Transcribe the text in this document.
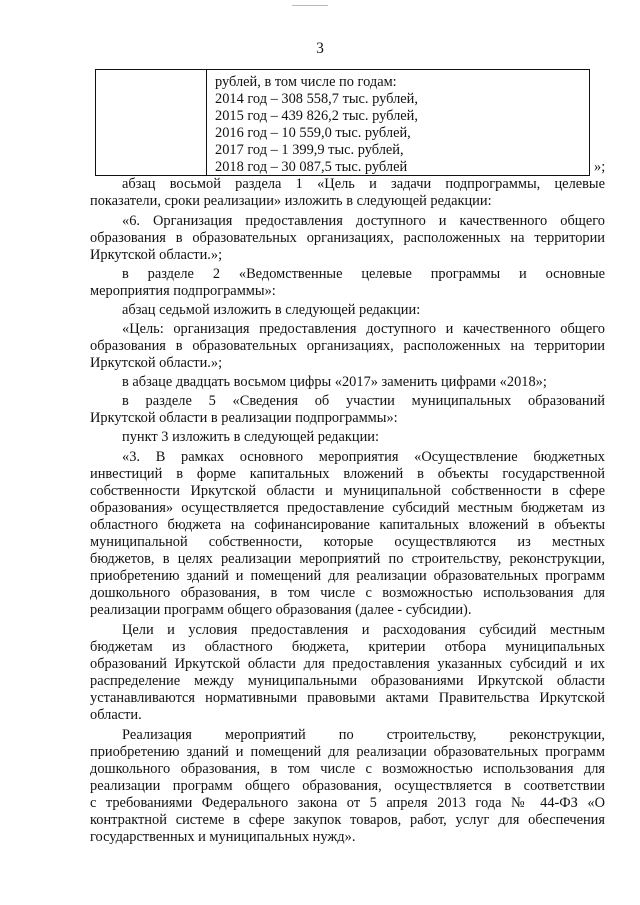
3
рублей, в том числе по годам:
2014 год – 308 558,7 тыс. рублей,
2015 год – 439 826,2 тыс. рублей,
2016 год – 10 559,0 тыс. рублей,
2017 год – 1 399,9 тыс. рублей,
2018 год – 30 087,5 тыс. рублей	»;
абзац восьмой раздела 1 «Цель и задачи подпрограммы, целевые
показатели, сроки реализации» изложить в следующей редакции:
«6. Организация предоставления доступного и качественного общего
образования в образовательных организациях, расположенных на территории
Иркутской области.»;
в разделе 2 «Ведомственные целевые программы и основные
мероприятия подпрограммы»:
абзац седьмой изложить в следующей редакции:
«Цель: организация предоставления доступного и качественного общего
образования в образовательных организациях, расположенных на территории
Иркутской области.»;
в абзаце двадцать восьмом цифры «2017» заменить цифрами «2018»;
в разделе 5 «Сведения об участии муниципальных образований
Иркутской области в реализации подпрограммы»:
пункт 3 изложить в следующей редакции:
«3. В рамках основного мероприятия «Осуществление бюджетных
инвестиций в форме капитальных вложений в объекты государственной
собственности Иркутской области и муниципальной собственности в сфере
образования» осуществляется предоставление субсидий местным бюджетам из
областного бюджета на софинансирование капитальных вложений в объекты
муниципальной собственности, которые осуществляются из местных
бюджетов, в целях реализации мероприятий по строительству, реконструкции,
приобретению зданий и помещений для реализации образовательных программ
дошкольного образования, в том числе с возможностью использования для
реализации программ общего образования (далее - субсидии).
Цели и условия предоставления и расходования субсидий местным
бюджетам из областного бюджета, критерии отбора муниципальных
образований Иркутской области для предоставления указанных субсидий и их
распределение между муниципальными образованиями Иркутской области
устанавливаются нормативными правовыми актами Правительства Иркутской
области.
Реализация мероприятий по строительству, реконструкции,
приобретению зданий и помещений для реализации образовательных программ
дошкольного образования, в том числе с возможностью использования для
реализации программ общего образования, осуществляется в соответствии
с требованиями Федерального закона от 5 апреля 2013 года № 44-ФЗ «О
контрактной системе в сфере закупок товаров, работ, услуг для обеспечения
государственных и муниципальных нужд».
